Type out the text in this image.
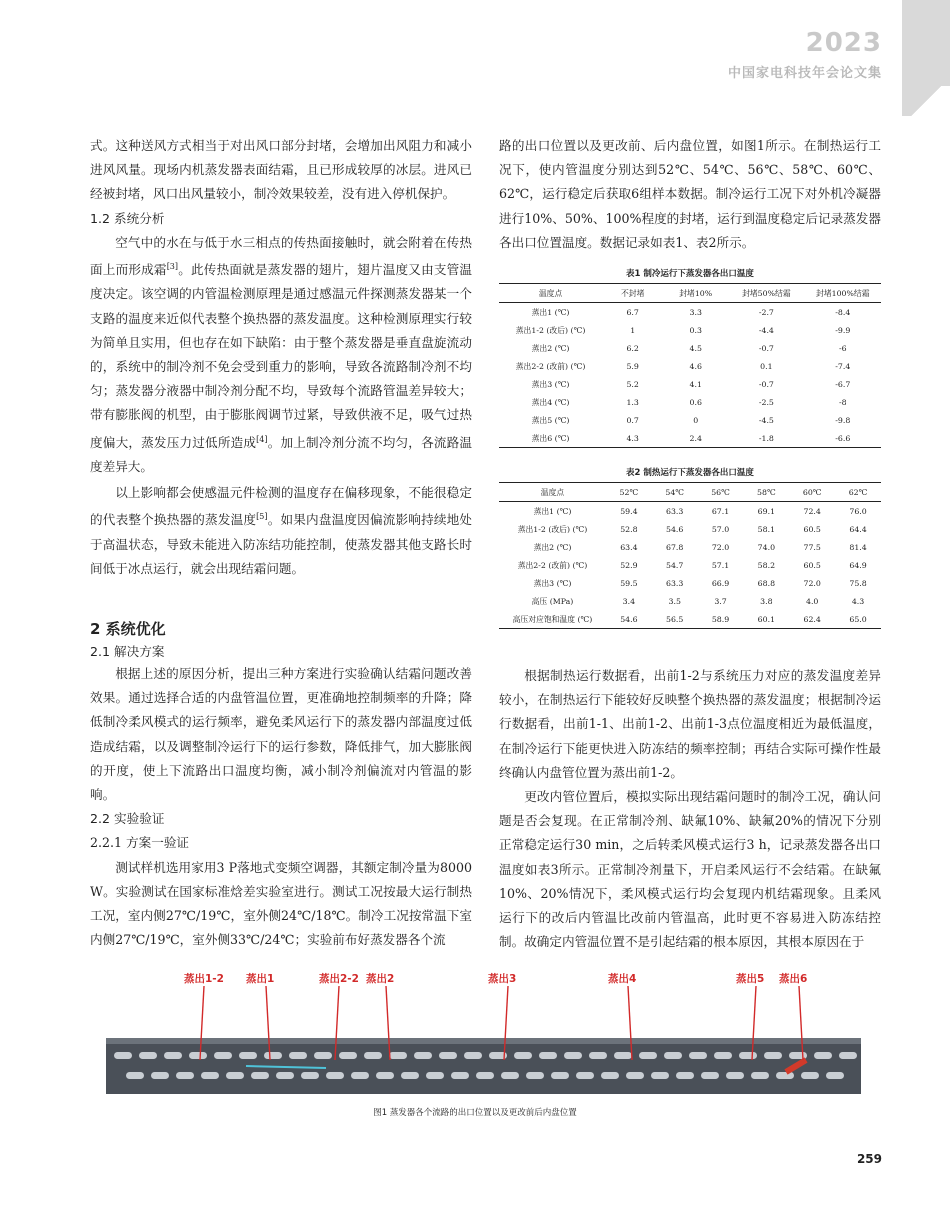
2023
中国家电科技年会论文集

式。这种送风方式相当于对出风口部分封堵，会增加出风阻力和减小进风风量。现场内机蒸发器表面结霜，且已形成较厚的冰层。进风已经被封堵，风口出风量较小，制冷效果较差，没有进入停机保护。

1.2 系统分析

空气中的水在与低于水三相点的传热面接触时，就会附着在传热面上而形成霜[3]。此传热面就是蒸发器的翅片，翅片温度又由支管温度决定。该空调的内管温检测原理是通过感温元件探测蒸发器某一个支路的温度来近似代表整个换热器的蒸发温度。这种检测原理实行较为简单且实用，但也存在如下缺陷：由于整个蒸发器是垂直盘旋流动的，系统中的制冷剂不免会受到重力的影响，导致各流路制冷剂不均匀；蒸发器分液器中制冷剂分配不均，导致每个流路管温差异较大；带有膨胀阀的机型，由于膨胀阀调节过紧，导致供液不足，吸气过热度偏大，蒸发压力过低所造成[4]。加上制冷剂分流不均匀，各流路温度差异大。

以上影响都会使感温元件检测的温度存在偏移现象，不能很稳定的代表整个换热器的蒸发温度[5]。如果内盘温度因偏流影响持续地处于高温状态，导致未能进入防冻结功能控制，使蒸发器其他支路长时间低于冰点运行，就会出现结霜问题。

2 系统优化
2.1 解决方案

根据上述的原因分析，提出三种方案进行实验确认结霜问题改善效果。通过选择合适的内盘管温位置，更准确地控制频率的升降；降低制冷柔风模式的运行频率，避免柔风运行下的蒸发器内部温度过低造成结霜，以及调整制冷运行下的运行参数，降低排气，加大膨胀阀的开度，使上下流路出口温度均衡，减小制冷剂偏流对内管温的影响。

2.2 实验验证
2.2.1 方案一验证

测试样机选用家用3 P落地式变频空调器，其额定制冷量为8000 W。实验测试在国家标准焓差实验室进行。测试工况按最大运行制热工况，室内侧27℃/19℃，室外侧24℃/18℃。制冷工况按常温下室内侧27℃/19℃，室外侧33℃/24℃；实验前布好蒸发器各个流

路的出口位置以及更改前、后内盘位置，如图1所示。在制热运行工况下，使内管温度分别达到52℃、54℃、56℃、58℃、60℃、62℃，运行稳定后获取6组样本数据。制冷运行工况下对外机冷凝器进行10%、50%、100%程度的封堵，运行到温度稳定后记录蒸发器各出口位置温度。数据记录如表1、表2所示。

表1 制冷运行下蒸发器各出口温度
温度点	不封堵	封堵10%	封堵50%结霜	封堵100%结霜
蒸出1 (℃)	6.7	3.3	-2.7	-8.4
蒸出1-2 (改后) (℃)	1	0.3	-4.4	-9.9
蒸出2 (℃)	6.2	4.5	-0.7	-6
蒸出2-2 (改前) (℃)	5.9	4.6	0.1	-7.4
蒸出3 (℃)	5.2	4.1	-0.7	-6.7
蒸出4 (℃)	1.3	0.6	-2.5	-8
蒸出5 (℃)	0.7	0	-4.5	-9.8
蒸出6 (℃)	4.3	2.4	-1.8	-6.6
表2 制热运行下蒸发器各出口温度
温度点	52℃	54℃	56℃	58℃	60℃	62℃
蒸出1 (℃)	59.4	63.3	67.1	69.1	72.4	76.0
蒸出1-2 (改后) (℃)	52.8	54.6	57.0	58.1	60.5	64.4
蒸出2 (℃)	63.4	67.8	72.0	74.0	77.5	81.4
蒸出2-2 (改前) (℃)	52.9	54.7	57.1	58.2	60.5	64.9
蒸出3 (℃)	59.5	63.3	66.9	68.8	72.0	75.8
高压 (MPa)	3.4	3.5	3.7	3.8	4.0	4.3
高压对应饱和温度 (℃)	54.6	56.5	58.9	60.1	62.4	65.0

根据制热运行数据看，出前1-2与系统压力对应的蒸发温度差异较小，在制热运行下能较好反映整个换热器的蒸发温度；根据制冷运行数据看，出前1-1、出前1-2、出前1-3点位温度相近为最低温度，在制冷运行下能更快进入防冻结的频率控制；再结合实际可操作性最终确认内盘管位置为蒸出前1-2。

更改内管位置后，模拟实际出现结霜问题时的制冷工况，确认问题是否会复现。在正常制冷剂、缺氟10%、缺氟20%的情况下分别正常稳定运行30 min，之后转柔风模式运行3 h，记录蒸发器各出口温度如表3所示。正常制冷剂量下，开启柔风运行不会结霜。在缺氟10%、20%情况下，柔风模式运行均会复现内机结霜现象。且柔风运行下的改后内管温比改前内管温高，此时更不容易进入防冻结控制。故确定内管温位置不是引起结霜的根本原因，其根本原因在于

蒸出1-2 蒸出1	蒸出2-2 蒸出2	蒸出3	蒸出4	蒸出5 蒸出6
图1 蒸发器各个流路的出口位置以及更改前后内盘位置
259
